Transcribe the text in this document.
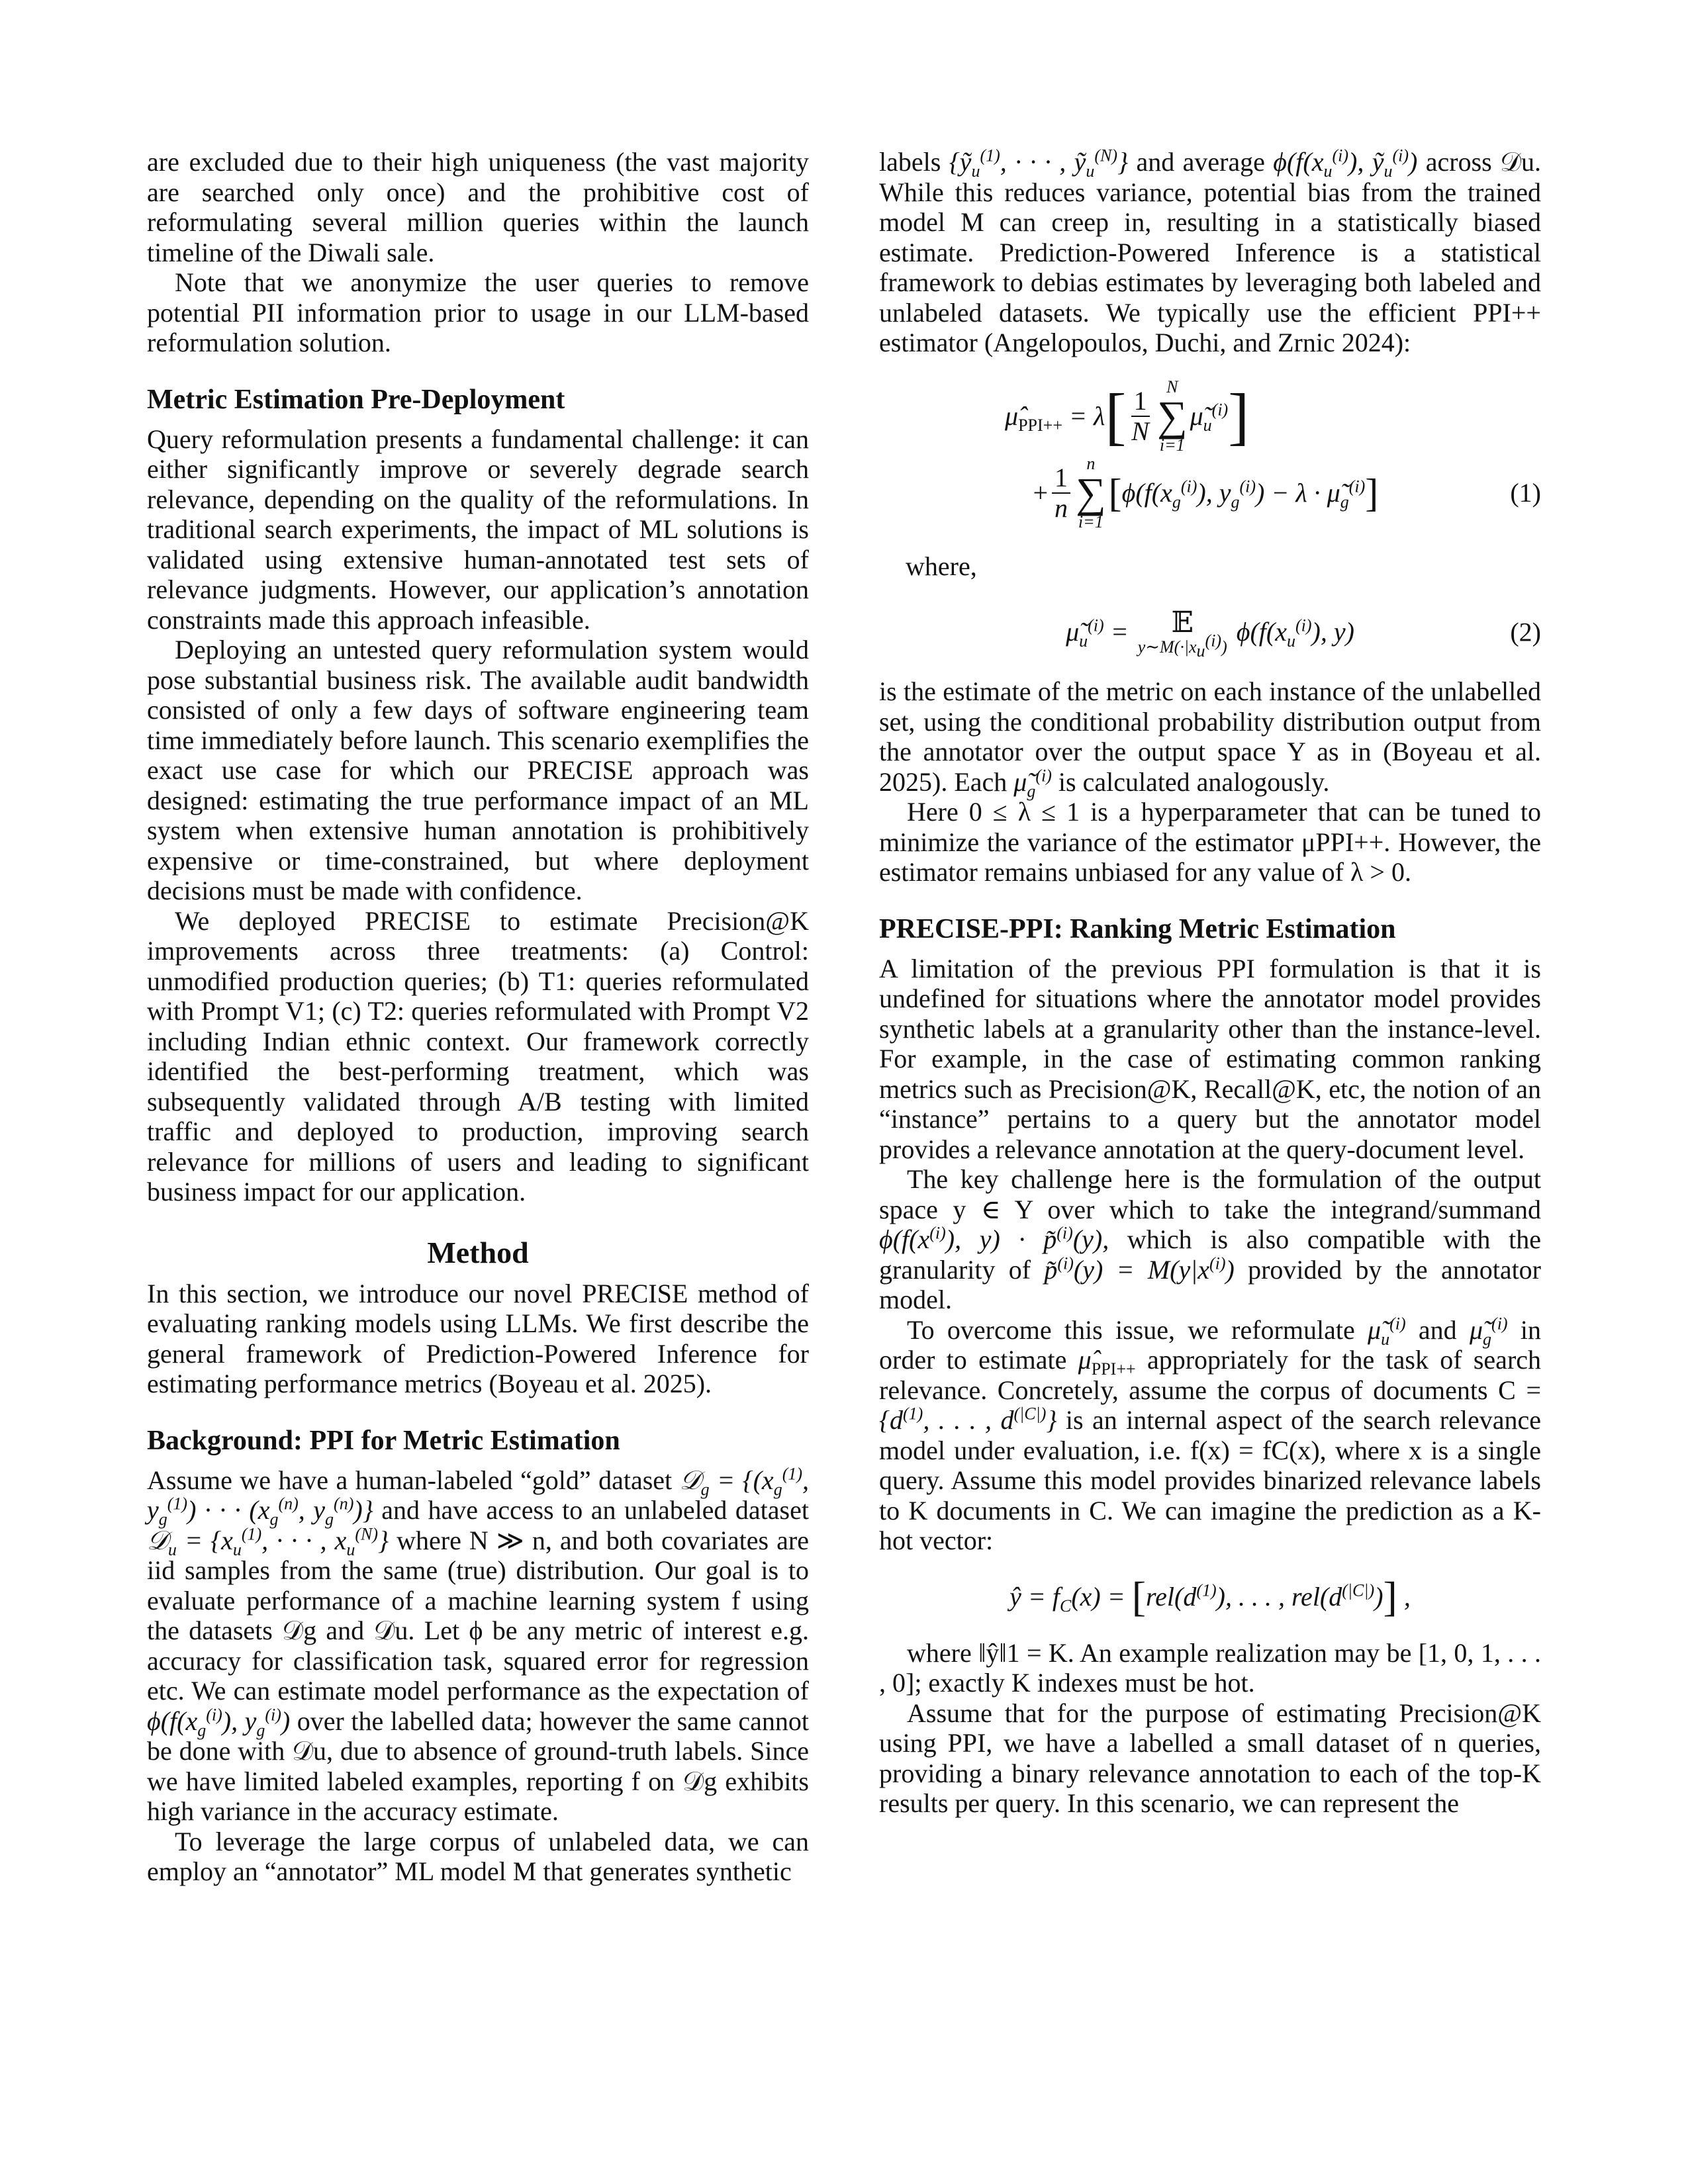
are excluded due to their high uniqueness (the vast majority are searched only once) and the prohibitive cost of reformulating several million queries within the launch timeline of the Diwali sale.

Note that we anonymize the user queries to remove potential PII information prior to usage in our LLM-based reformulation solution.

Metric Estimation Pre-Deployment

Query reformulation presents a fundamental challenge: it can either significantly improve or severely degrade search relevance, depending on the quality of the reformulations. In traditional search experiments, the impact of ML solutions is validated using extensive human-annotated test sets of relevance judgments. However, our application’s annotation constraints made this approach infeasible.

Deploying an untested query reformulation system would pose substantial business risk. The available audit bandwidth consisted of only a few days of software engineering team time immediately before launch. This scenario exemplifies the exact use case for which our PRECISE approach was designed: estimating the true performance impact of an ML system when extensive human annotation is prohibitively expensive or time-constrained, but where deployment decisions must be made with confidence.

We deployed PRECISE to estimate Precision@K improvements across three treatments: (a) Control: unmodified production queries; (b) T1: queries reformulated with Prompt V1; (c) T2: queries reformulated with Prompt V2 including Indian ethnic context. Our framework correctly identified the best-performing treatment, which was subsequently validated through A/B testing with limited traffic and deployed to production, improving search relevance for millions of users and leading to significant business impact for our application.

Method

In this section, we introduce our novel PRECISE method of evaluating ranking models using LLMs. We first describe the general framework of Prediction-Powered Inference for estimating performance metrics (Boyeau et al. 2025).

Background: PPI for Metric Estimation

Assume we have a human-labeled “gold” dataset 𝒟$_g$ = {($x_g^{(1)}$, $y_g^{(1)}$) · · · ($x_g^{(n)}$, $y_g^{(n)}$)} and have access to an unlabeled dataset 𝒟$_u$ = {$x_u^{(1)}$, · · · , $x_u^{(N)}$} where N ≫ n, and both covariates are iid samples from the same (true) distribution. Our goal is to evaluate performance of a machine learning system f using the datasets 𝒟g and 𝒟u. Let ϕ be any metric of interest e.g. accuracy for classification task, squared error for regression etc. We can estimate model performance as the expectation of $\phi(f(x_g^{(i)})$, $y_g^{(i)}$) over the labelled data; however the same cannot be done with 𝒟u, due to absence of ground-truth labels. Since we have limited labeled examples, reporting f on 𝒟g exhibits high variance in the accuracy estimate.

To leverage the large corpus of unlabeled data, we can employ an “annotator” ML model M that generates synthetic

labels {ỹ$_u^{(1)}$, · · · , ỹ$_u^{(N)}$} and average $\phi(f(x_u^{(i)})$, ỹ$_u^{(i)}$) across 𝒟u. While this reduces variance, potential bias from the trained model M can creep in, resulting in a statistically biased estimate. Prediction-Powered Inference is a statistical framework to debias estimates by leveraging both labeled and unlabeled datasets. We typically use the efficient PPI++ estimator (Angelopoulos, Duchi, and Zrnic 2024):

$\mû_{PPI++} = \lambda$ [ $\frac{1}{N}$ N
∑
i=1
$\mũ_u^{(i)}$ ]
+ $\frac{1}{n}$ n
∑
i=1
[ $\phi(f(x_g^{(i)})$, $y_g^{(i)}) - \lambda$ · $\mũ_g^{(i)}$ ]	(1)

where,

$\mũ_u^{(i)}$ = 𝔼
$y\sim M(\cdot|x_u^{(i)})$
$\phi(f(x_u^{(i)})$, y)	(2)

is the estimate of the metric on each instance of the unlabelled set, using the conditional probability distribution output from the annotator over the output space Y as in (Boyeau et al. 2025). Each $\mũ_g^{(i)}$ is calculated analogously.

Here 0 ≤ λ ≤ 1 is a hyperparameter that can be tuned to minimize the variance of the estimator μPPI++. However, the estimator remains unbiased for any value of λ > 0.

PRECISE-PPI: Ranking Metric Estimation

A limitation of the previous PPI formulation is that it is undefined for situations where the annotator model provides synthetic labels at a granularity other than the instance-level. For example, in the case of estimating common ranking metrics such as Precision@K, Recall@K, etc, the notion of an “instance” pertains to a query but the annotator model provides a relevance annotation at the query-document level.

The key challenge here is the formulation of the output space y ∈ Y over which to take the integrand/summand $\phi(f(x^{(i)})$, y) · p̃$^{(i)}$(y), which is also compatible with the granularity of p̃$^{(i)}$(y) = $M(y|x^{(i)})$ provided by the annotator model.

To overcome this issue, we reformulate $\mũ_u^{(i)}$ and $\mũ_g^{(i)}$ in order to estimate $\mû_{PPI++}$ appropriately for the task of search relevance. Concretely, assume the corpus of documents $C = \{d^{(1)}$, . . . , $d^{(|C|)}$} is an internal aspect of the search relevance model under evaluation, i.e. f(x) = fC(x), where x is a single query. Assume this model provides binarized relevance labels to K documents in C. We can imagine the prediction as a K-hot vector:

ŷ = $f_C(x)$ = [ $rel(d^{(1)})$, . . . , $rel(d^{(|C|)})$ ] ,

where ‖ŷ‖1 = K. An example realization may be [1, 0, 1, . . . , 0]; exactly K indexes must be hot.

Assume that for the purpose of estimating Precision@K using PPI, we have a labelled a small dataset of n queries, providing a binary relevance annotation to each of the top-K results per query. In this scenario, we can represent the
